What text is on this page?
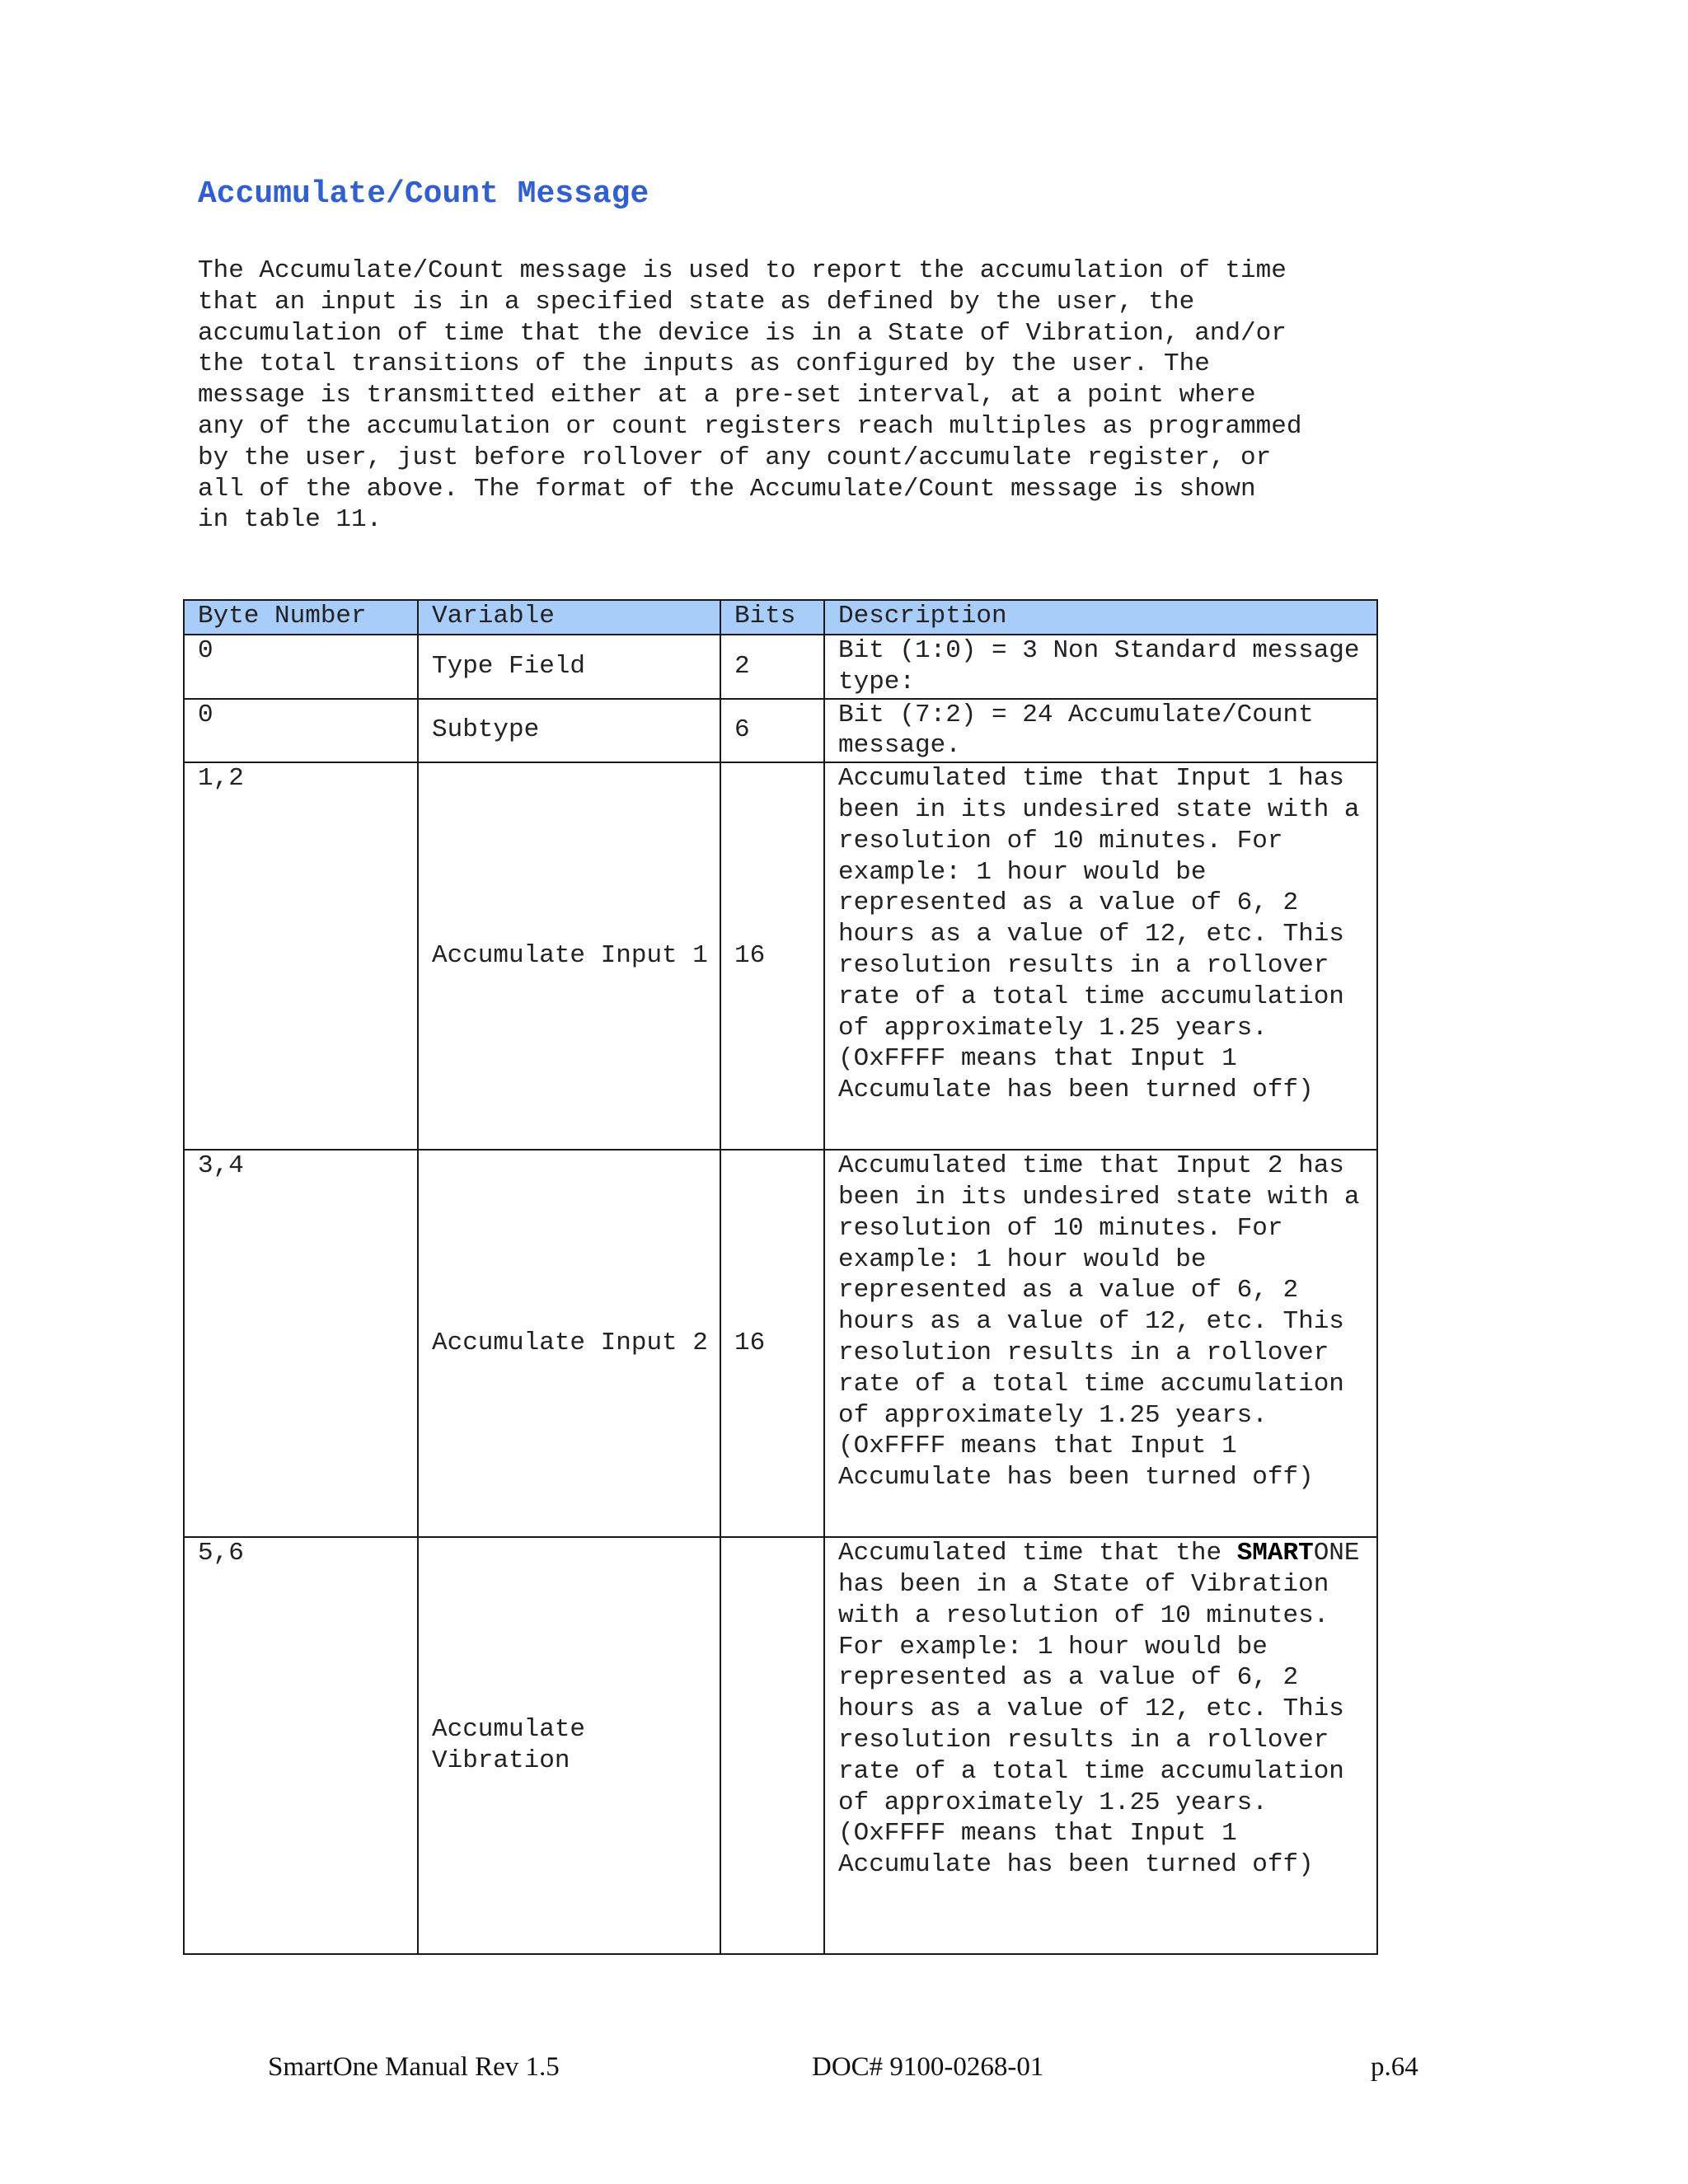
Accumulate/Count Message
The Accumulate/Count message is used to report the accumulation of time
that an input is in a specified state as defined by the user, the
accumulation of time that the device is in a State of Vibration, and/or
the total transitions of the inputs as configured by the user. The
message is transmitted either at a pre-set interval, at a point where
any of the accumulation or count registers reach multiples as programmed
by the user, just before rollover of any count/accumulate register, or
all of the above. The format of the Accumulate/Count message is shown
in table 11.
Byte Number	Variable	Bits	Description
0	Type Field	2	Bit (1:0) = 3 Non Standard message type:
0	Subtype	6	Bit (7:2) = 24 Accumulate/Count message.
1,2	Accumulate Input 1	16	Accumulated time that Input 1 has been in its undesired state with a resolution of 10 minutes. For example: 1 hour would be represented as a value of 6, 2 hours as a value of 12, etc. This resolution results in a rollover rate of a total time accumulation of approximately 1.25 years. (OxFFFF means that Input 1 Accumulate has been turned off)
3,4	Accumulate Input 2	16	Accumulated time that Input 2 has been in its undesired state with a resolution of 10 minutes. For example: 1 hour would be represented as a value of 6, 2 hours as a value of 12, etc. This resolution results in a rollover rate of a total time accumulation of approximately 1.25 years. (OxFFFF means that Input 1 Accumulate has been turned off)
5,6	Accumulate Vibration		Accumulated time that the SMARTONE has been in a State of Vibration with a resolution of 10 minutes. For example: 1 hour would be represented as a value of 6, 2 hours as a value of 12, etc. This resolution results in a rollover rate of a total time accumulation of approximately 1.25 years. (OxFFFF means that Input 1 Accumulate has been turned off)
SmartOne Manual Rev 1.5	DOC# 9100-0268-01	p.64
